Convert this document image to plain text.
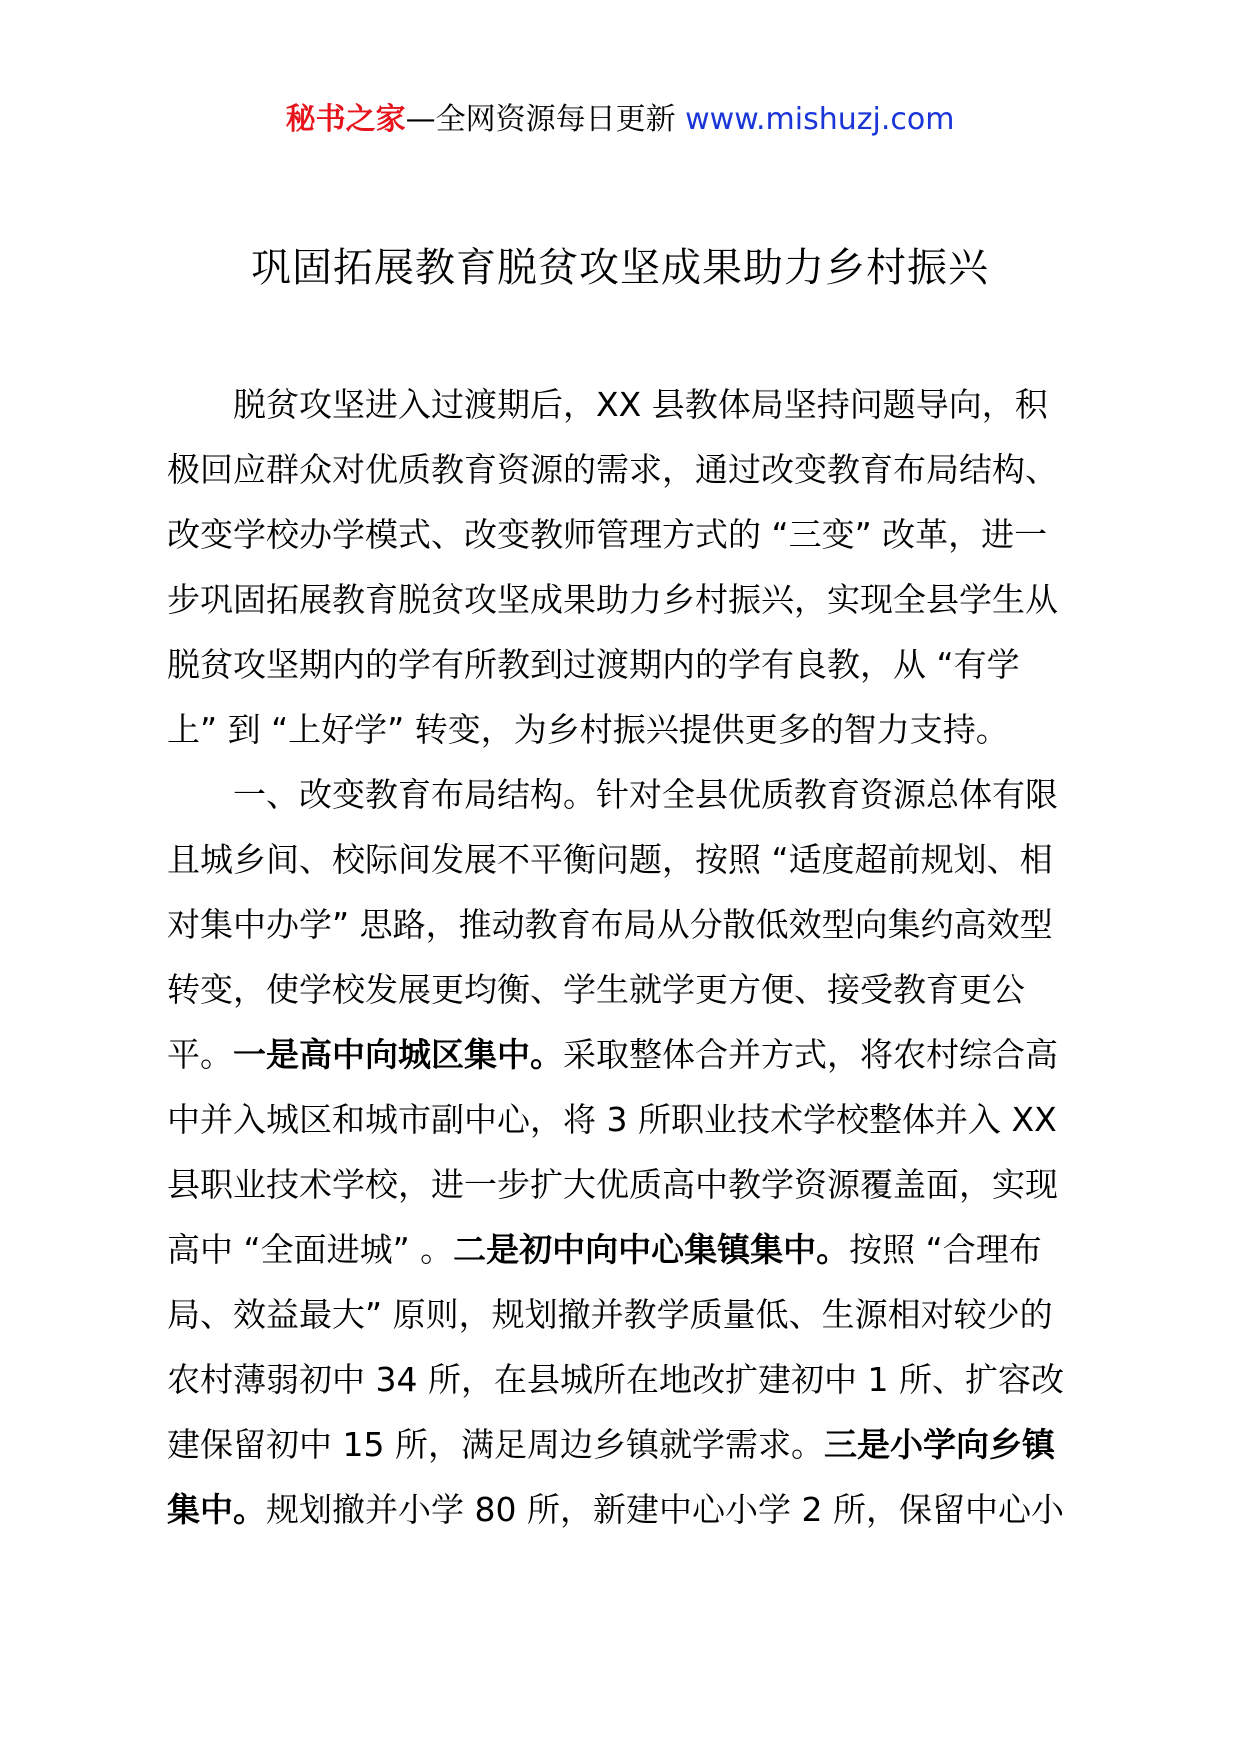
秘书之家—全网资源每日更新 www.mishuzj.com
巩固拓展教育脱贫攻坚成果助力乡村振兴
脱贫攻坚进入过渡期后，XX 县教体局坚持问题导向，积
极回应群众对优质教育资源的需求，通过改变教育布局结构、
改变学校办学模式、改变教师管理方式的 “三变” 改革，进一
步巩固拓展教育脱贫攻坚成果助力乡村振兴，实现全县学生从
脱贫攻坚期内的学有所教到过渡期内的学有良教，从 “有学
上” 到 “上好学” 转变，为乡村振兴提供更多的智力支持。
一、改变教育布局结构。针对全县优质教育资源总体有限
且城乡间、校际间发展不平衡问题，按照 “适度超前规划、相
对集中办学” 思路，推动教育布局从分散低效型向集约高效型
转变，使学校发展更均衡、学生就学更方便、接受教育更公
平。一是高中向城区集中。采取整体合并方式，将农村综合高
中并入城区和城市副中心，将 3 所职业技术学校整体并入 XX
县职业技术学校，进一步扩大优质高中教学资源覆盖面，实现
高中 “全面进城” 。二是初中向中心集镇集中。按照 “合理布
局、效益最大” 原则，规划撤并教学质量低、生源相对较少的
农村薄弱初中 34 所，在县城所在地改扩建初中 1 所、扩容改
建保留初中 15 所，满足周边乡镇就学需求。三是小学向乡镇
集中。规划撤并小学 80 所，新建中心小学 2 所，保留中心小
